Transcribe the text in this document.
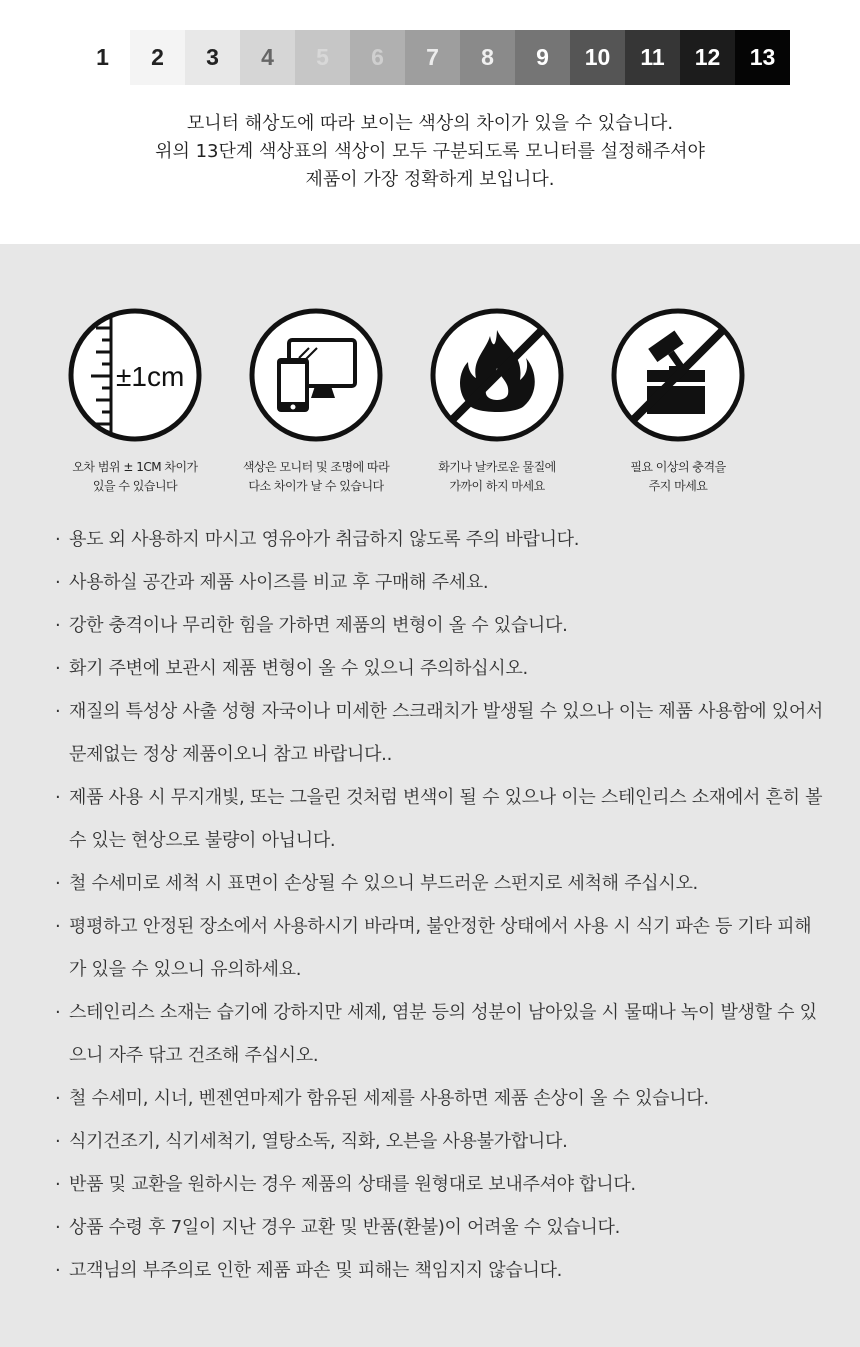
1	2	3	4	5	6	7	8	9	10	11	12	13
모니터 해상도에 따라 보이는 색상의 차이가 있을 수 있습니다.
위의 13단계 색상표의 색상이 모두 구분되도록 모니터를 설정해주셔야
제품이 가장 정확하게 보입니다.
±1cm
오차 범위 ± 1CM 차이가
있을 수 있습니다
색상은 모니터 및 조명에 따라
다소 차이가 날 수 있습니다
화기나 날카로운 물질에
가까이 하지 마세요
필요 이상의 충격을
주지 마세요
· 용도 외 사용하지 마시고 영유아가 취급하지 않도록 주의 바랍니다.
· 사용하실 공간과 제품 사이즈를 비교 후 구매해 주세요.
· 강한 충격이나 무리한 힘을 가하면 제품의 변형이 올 수 있습니다.
· 화기 주변에 보관시 제품 변형이 올 수 있으니 주의하십시오.
· 재질의 특성상 사출 성형 자국이나 미세한 스크래치가 발생될 수 있으나 이는 제품 사용함에 있어서 문제없는 정상 제품이오니 참고 바랍니다..
· 제품 사용 시 무지개빛, 또는 그을린 것처럼 변색이 될 수 있으나 이는 스테인리스 소재에서 흔히 볼 수 있는 현상으로 불량이 아닙니다.
· 철 수세미로 세척 시 표면이 손상될 수 있으니 부드러운 스펀지로 세척해 주십시오.
· 평평하고 안정된 장소에서 사용하시기 바라며, 불안정한 상태에서 사용 시 식기 파손 등 기타 피해가 있을 수 있으니 유의하세요.
· 스테인리스 소재는 습기에 강하지만 세제, 염분 등의 성분이 남아있을 시 물때나 녹이 발생할 수 있으니 자주 닦고 건조해 주십시오.
· 철 수세미, 시너, 벤젠연마제가 함유된 세제를 사용하면 제품 손상이 올 수 있습니다.
· 식기건조기, 식기세척기, 열탕소독, 직화, 오븐을 사용불가합니다.
· 반품 및 교환을 원하시는 경우 제품의 상태를 원형대로 보내주셔야 합니다.
· 상품 수령 후 7일이 지난 경우 교환 및 반품(환불)이 어려울 수 있습니다.
· 고객님의 부주의로 인한 제품 파손 및 피해는 책임지지 않습니다.
